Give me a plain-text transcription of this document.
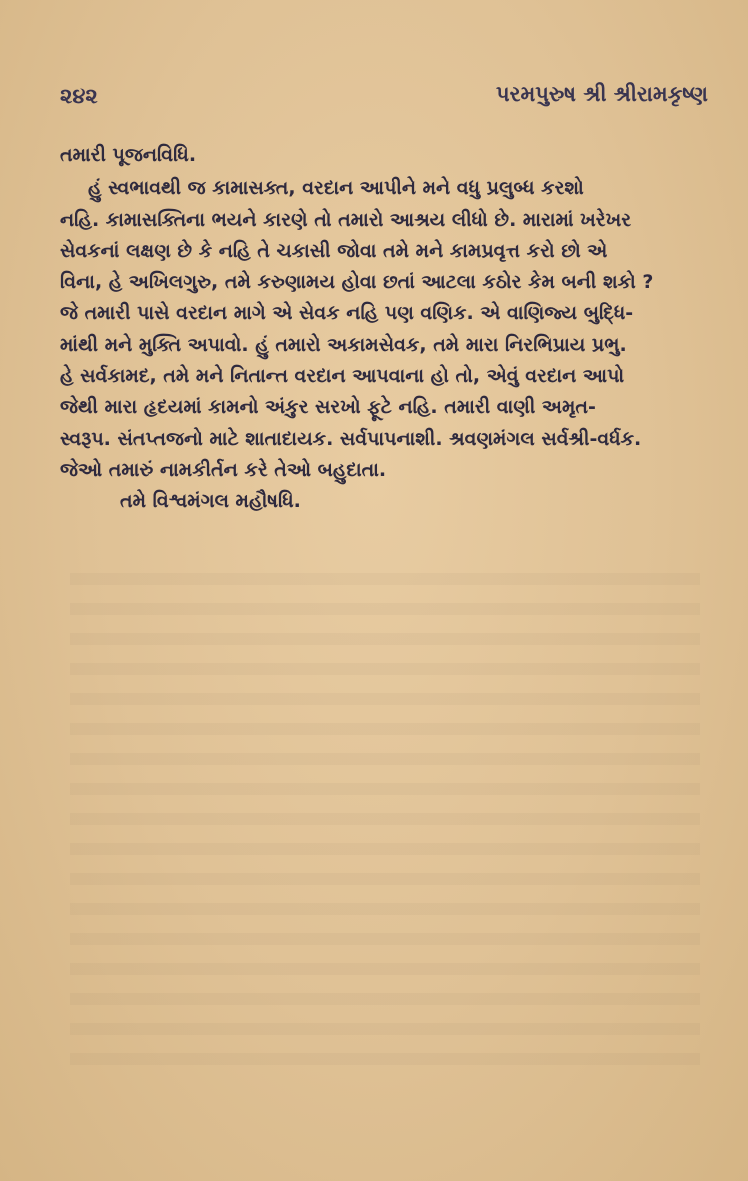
૨૪૨	પરમપુરુષ શ્રી શ્રીરામકૃષ્ણ
તમારી પૂજનવિધિ.
હું સ્વભાવથી જ કામાસક્ત, વરદાન આપીને મને વધુ પ્રલુબ્ધ કરશો
નહિ. કામાસક્તિના ભયને કારણે તો તમારો આશ્રય લીધો છે. મારામાં ખરેખર
સેવકનાં લક્ષણ છે કે નહિ તે ચકાસી જોવા તમે મને કામપ્રવૃત્ત કરો છો એ
વિના, હે અખિલગુરુ, તમે કરુણામય હોવા છતાં આટલા કઠોર કેમ બની શકો ?
જે તમારી પાસે વરદાન માગે એ સેવક નહિ પણ વણિક. એ વાણિજ્ય બુદ્ધિ-
માંથી મને મુક્તિ અપાવો. હું તમારો અકામસેવક, તમે મારા નિરભિપ્રાય પ્રભુ.
હે સર્વકામદ, તમે મને નિતાન્ત વરદાન આપવાના હો તો, એવું વરદાન આપો
જેથી મારા હૃદયમાં કામનો અંકુર સરખો ફૂટે નહિ. તમારી વાણી અમૃત-
સ્વરૂપ. સંતપ્તજનો માટે શાતાદાયક. સર્વપાપનાશી. શ્રવણમંગલ સર્વશ્રી-વર્ધક.
જેઓ તમારું નામકીર્તન કરે તેઓ બહુદાતા.
તમે વિશ્વમંગલ મહૌષધિ.
